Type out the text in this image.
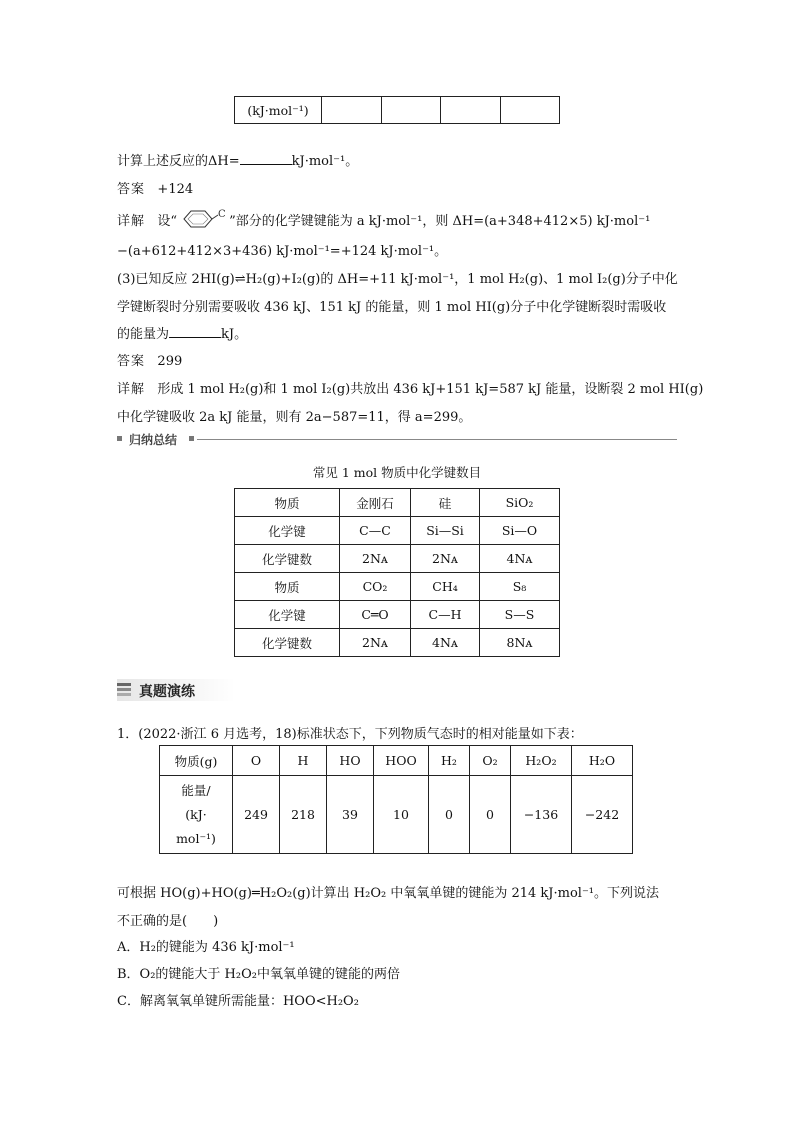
(kJ·mol⁻¹)				
计算上述反应的ΔH=	kJ·mol⁻¹。
答案 +124
详解
设“	C ”部分的化学键键能为 a kJ·mol⁻¹，则 ΔH=(a+348+412×5) kJ·mol⁻¹
−(a+612+412×3+436) kJ·mol⁻¹=+124 kJ·mol⁻¹。
(3)已知反应 2HI(g)⇌H₂(g)+I₂(g)的 ΔH=+11 kJ·mol⁻¹，1 mol H₂(g)、1 mol I₂(g)分子中化
学键断裂时分别需要吸收 436 kJ、151 kJ 的能量，则 1 mol HI(g)分子中化学键断裂时需吸收
的能量为	kJ。
答案 299
详解 形成 1 mol H₂(g)和 1 mol I₂(g)共放出 436 kJ+151 kJ=587 kJ 能量，设断裂 2 mol HI(g)
中化学键吸收 2a kJ 能量，则有 2a−587=11，得 a=299。
归纳总结
常见 1 mol 物质中化学键数目
物质	金刚石	硅	SiO₂
化学键	C—C	Si—Si	Si—O
化学键数	2Nᴀ	2Nᴀ	4Nᴀ
物质	CO₂	CH₄	S₈
化学键	C═O	C—H	S—S
化学键数	2Nᴀ	4Nᴀ	8Nᴀ
真题演练
1．(2022·浙江 6 月选考，18)标准状态下，下列物质气态时的相对能量如下表：
物质(g)	O	H	HO	HOO	H₂	O₂	H₂O₂	H₂O

能量/
(kJ·
mol⁻¹)	249	218	39	10	0	0	−136	−242
可根据 HO(g)+HO(g)═H₂O₂(g)计算出 H₂O₂ 中氧氧单键的键能为 214 kJ·mol⁻¹。下列说法
不正确的是(　　)
A．H₂的键能为 436 kJ·mol⁻¹
B．O₂的键能大于 H₂O₂中氧氧单键的键能的两倍
C．解离氧氧单键所需能量：HOO<H₂O₂
